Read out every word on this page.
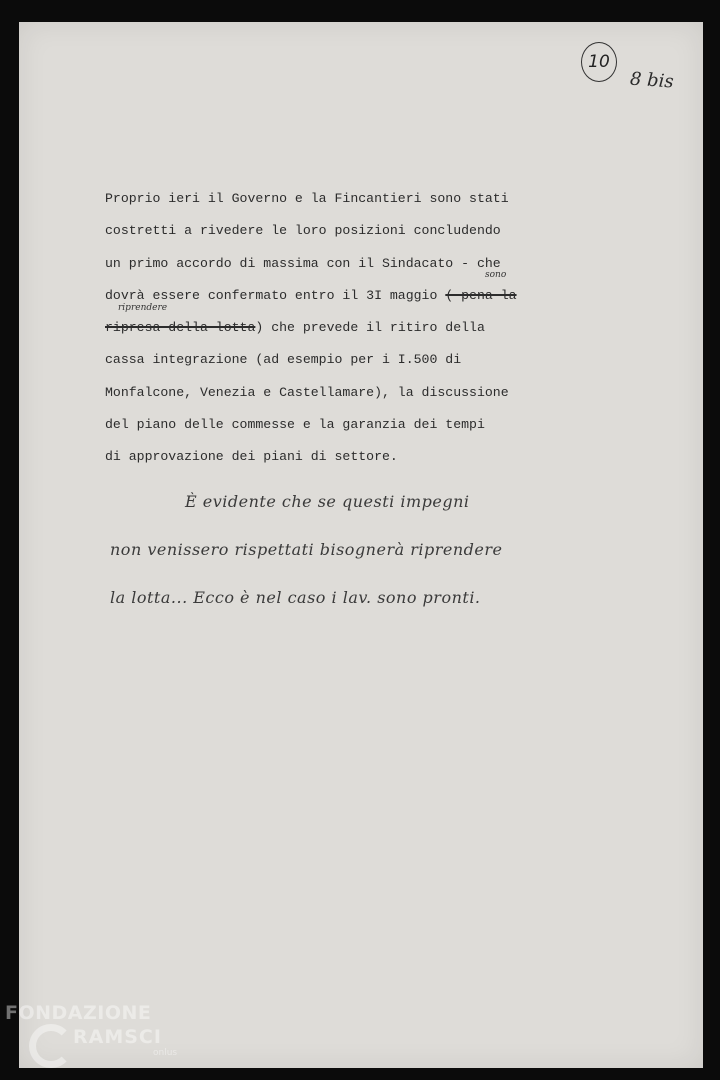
10
8 bis
Proprio ieri il Governo e la Fincantieri sono stati
costretti a rivedere le loro posizioni concludendo
un primo accordo di massima con il Sindacato - che
dovrà essere confermato entro il 3I maggio ( pena la
ripresa della lotta) che prevede il ritiro della
cassa integrazione (ad esempio per i I.500 di
Monfalcone, Venezia e Castellamare), la discussione
del piano delle commesse e la garanzia dei tempi
di approvazione dei piani di settore.
sono
riprendere
È evidente che se questi impegni
non venissero rispettati bisognerà riprendere
la lotta... Ecco è nel caso i lav. sono pronti.
FONDAZIONE
RAMSCI
onlus
